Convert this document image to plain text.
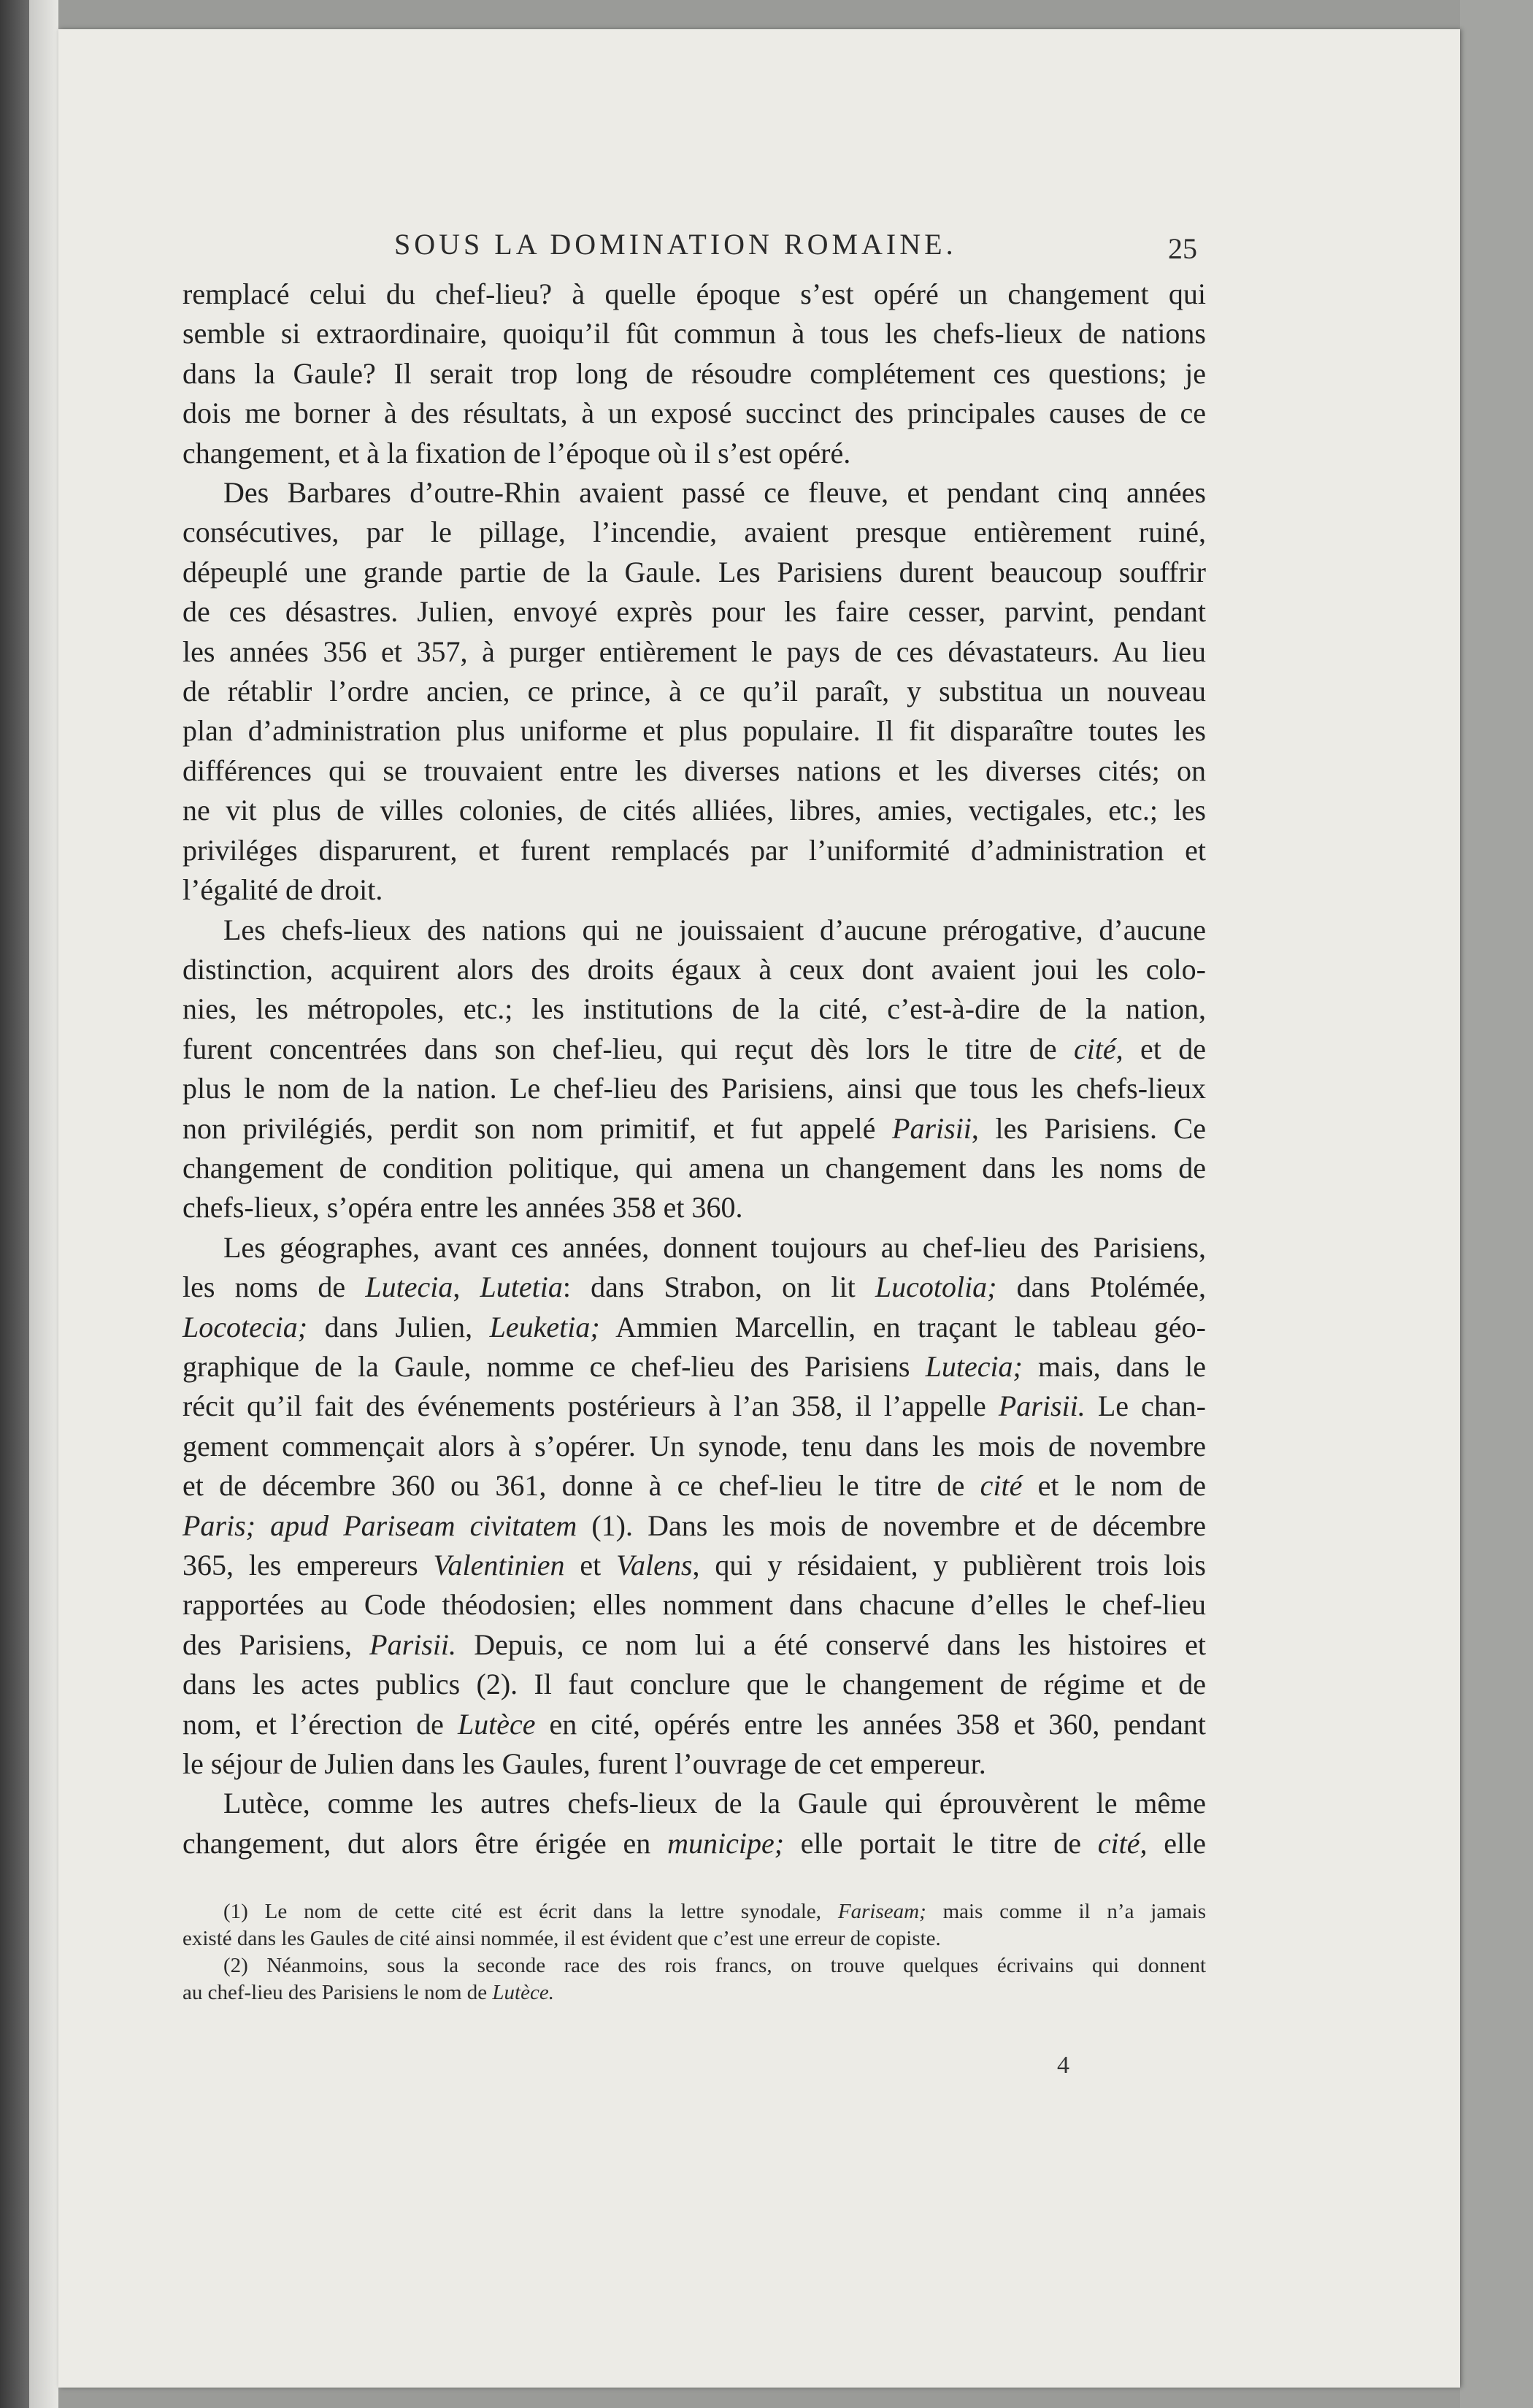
SOUS LA DOMINATION ROMAINE.	25
remplacé celui du chef-lieu? à quelle époque s’est opéré un changement qui
semble si extraordinaire, quoiqu’il fût commun à tous les chefs-lieux de nations
dans la Gaule? Il serait trop long de résoudre complétement ces questions; je
dois me borner à des résultats, à un exposé succinct des principales causes de ce
changement, et à la fixation de l’époque où il s’est opéré.
Des Barbares d’outre-Rhin avaient passé ce fleuve, et pendant cinq années
consécutives, par le pillage, l’incendie, avaient presque entièrement ruiné,
dépeuplé une grande partie de la Gaule. Les Parisiens durent beaucoup souffrir
de ces désastres. Julien, envoyé exprès pour les faire cesser, parvint, pendant
les années 356 et 357, à purger entièrement le pays de ces dévastateurs. Au lieu
de rétablir l’ordre ancien, ce prince, à ce qu’il paraît, y substitua un nouveau
plan d’administration plus uniforme et plus populaire. Il fit disparaître toutes les
différences qui se trouvaient entre les diverses nations et les diverses cités; on
ne vit plus de villes colonies, de cités alliées, libres, amies, vectigales, etc.; les
priviléges disparurent, et furent remplacés par l’uniformité d’administration et
l’égalité de droit.
Les chefs-lieux des nations qui ne jouissaient d’aucune prérogative, d’aucune
distinction, acquirent alors des droits égaux à ceux dont avaient joui les colo-
nies, les métropoles, etc.; les institutions de la cité, c’est-à-dire de la nation,
furent concentrées dans son chef-lieu, qui reçut dès lors le titre de cité, et de
plus le nom de la nation. Le chef-lieu des Parisiens, ainsi que tous les chefs-lieux
non privilégiés, perdit son nom primitif, et fut appelé Parisii, les Parisiens. Ce
changement de condition politique, qui amena un changement dans les noms de
chefs-lieux, s’opéra entre les années 358 et 360.
Les géographes, avant ces années, donnent toujours au chef-lieu des Parisiens,
les noms de Lutecia, Lutetia: dans Strabon, on lit Lucotolia; dans Ptolémée,
Locotecia; dans Julien, Leuketia; Ammien Marcellin, en traçant le tableau géo-
graphique de la Gaule, nomme ce chef-lieu des Parisiens Lutecia; mais, dans le
récit qu’il fait des événements postérieurs à l’an 358, il l’appelle Parisii. Le chan-
gement commençait alors à s’opérer. Un synode, tenu dans les mois de novembre
et de décembre 360 ou 361, donne à ce chef-lieu le titre de cité et le nom de
Paris; apud Pariseam civitatem (1). Dans les mois de novembre et de décembre
365, les empereurs Valentinien et Valens, qui y résidaient, y publièrent trois lois
rapportées au Code théodosien; elles nomment dans chacune d’elles le chef-lieu
des Parisiens, Parisii. Depuis, ce nom lui a été conservé dans les histoires et
dans les actes publics (2). Il faut conclure que le changement de régime et de
nom, et l’érection de Lutèce en cité, opérés entre les années 358 et 360, pendant
le séjour de Julien dans les Gaules, furent l’ouvrage de cet empereur.
Lutèce, comme les autres chefs-lieux de la Gaule qui éprouvèrent le même
changement, dut alors être érigée en municipe; elle portait le titre de cité, elle
(1) Le nom de cette cité est écrit dans la lettre synodale, Fariseam; mais comme il n’a jamais
existé dans les Gaules de cité ainsi nommée, il est évident que c’est une erreur de copiste.
(2) Néanmoins, sous la seconde race des rois francs, on trouve quelques écrivains qui donnent
au chef-lieu des Parisiens le nom de Lutèce.
4
